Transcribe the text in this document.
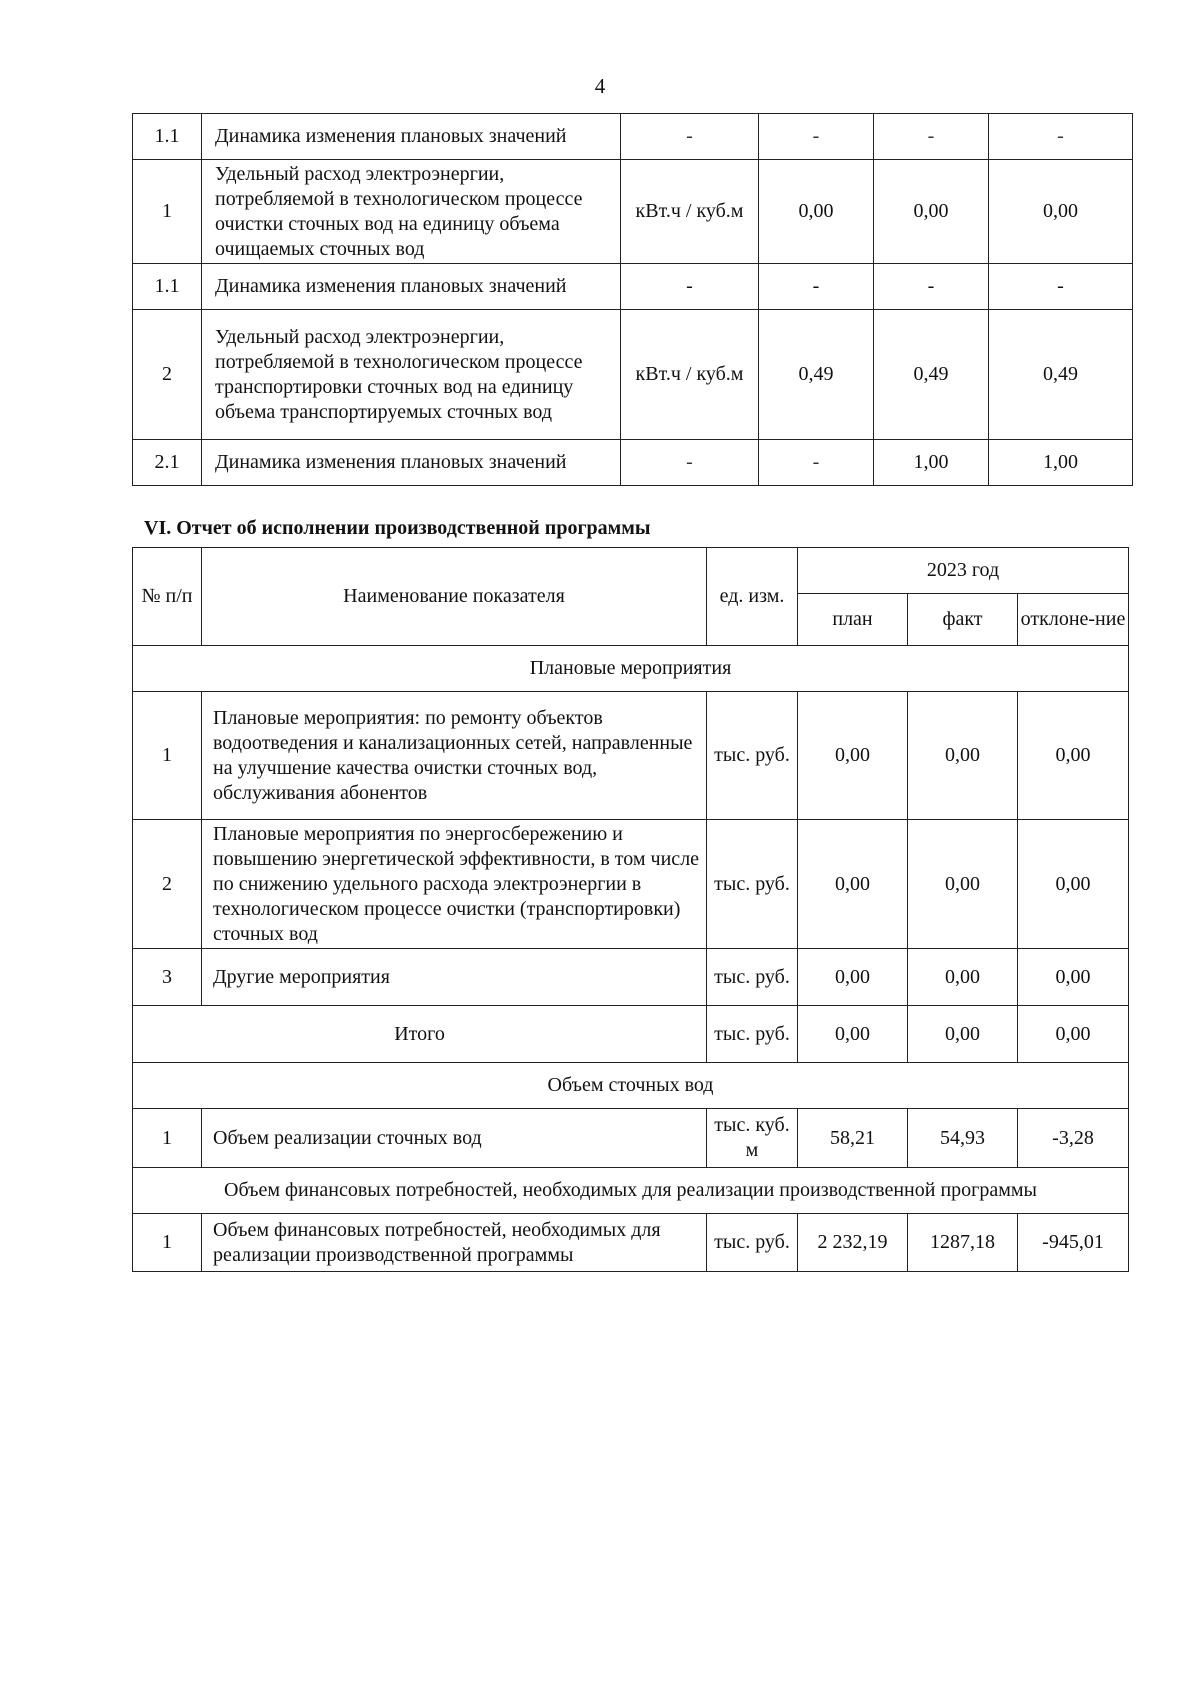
4
1.1	Динамика изменения плановых значений	-	-	-	-
1	Удельный расход электроэнергии, потребляемой в технологическом процессе очистки сточных вод на единицу объема очищаемых сточных вод	кВт.ч / куб.м	0,00	0,00	0,00
1.1	Динамика изменения плановых значений	-	-	-	-
2	Удельный расход электроэнергии, потребляемой в технологическом процессе транспортировки сточных вод на единицу объема транспортируемых сточных вод	кВт.ч / куб.м	0,49	0,49	0,49
2.1	Динамика изменения плановых значений	-	-	1,00	1,00
VI. Отчет об исполнении производственной программы
№ п/п	Наименование показателя	ед. изм.	2023 год		
			план	факт	отклоне-ние
Плановые мероприятия					
1	Плановые мероприятия: по ремонту объектов водоотведения и канализационных сетей, направленные на улучшение качества очистки сточных вод, обслуживания абонентов	тыс. руб.	0,00	0,00	0,00
2	Плановые мероприятия по энергосбережению и повышению энергетической эффективности, в том числе по снижению удельного расхода электроэнергии в технологическом процессе очистки (транспортировки) сточных вод	тыс. руб.	0,00	0,00	0,00
3	Другие мероприятия	тыс. руб.	0,00	0,00	0,00
Итого		тыс. руб.	0,00	0,00	0,00
Объем сточных вод					
1	Объем реализации сточных вод	тыс. куб. м	58,21	54,93	-3,28
Объем финансовых потребностей, необходимых для реализации производственной программы					
1	Объем финансовых потребностей, необходимых для реализации производственной программы	тыс. руб.	2 232,19	1287,18	-945,01
